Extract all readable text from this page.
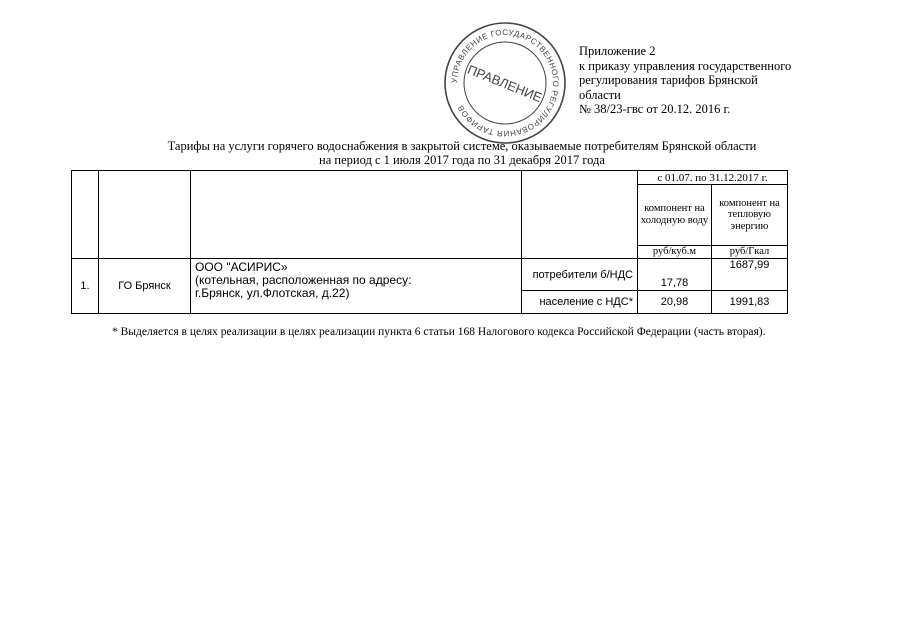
УПРАВЛЕНИЕ ГОСУДАРСТВЕННОГО РЕГУЛИРОВАНИЯ ТАРИФОВ
ПРАВЛЕНИЕ
Приложение 2
к приказу управления государственного
регулирования тарифов Брянской
области
№ 38/23-гвс от 20.12. 2016 г.
Тарифы на услуги горячего водоснабжения в закрытой системе, оказываемые потребителям Брянской области
на период с 1 июля 2017 года по 31 декабря 2017 года
				с 01.07. по 31.12.2017 г.	
				компонент на холодную воду	компонент на тепловую энергию
				руб/куб.м	руб/Гкал
1.	ГО Брянск	ООО "АСИРИС»
(котельная, расположенная по адресу:
г.Брянск, ул.Флотская, д.22)	потребители б/НДС	17,78	1687,99
			население с НДС*	20,98	1991,83
* Выделяется в целях реализации в целях реализации пункта 6 статьи 168 Налогового кодекса Российской Федерации (часть вторая).
